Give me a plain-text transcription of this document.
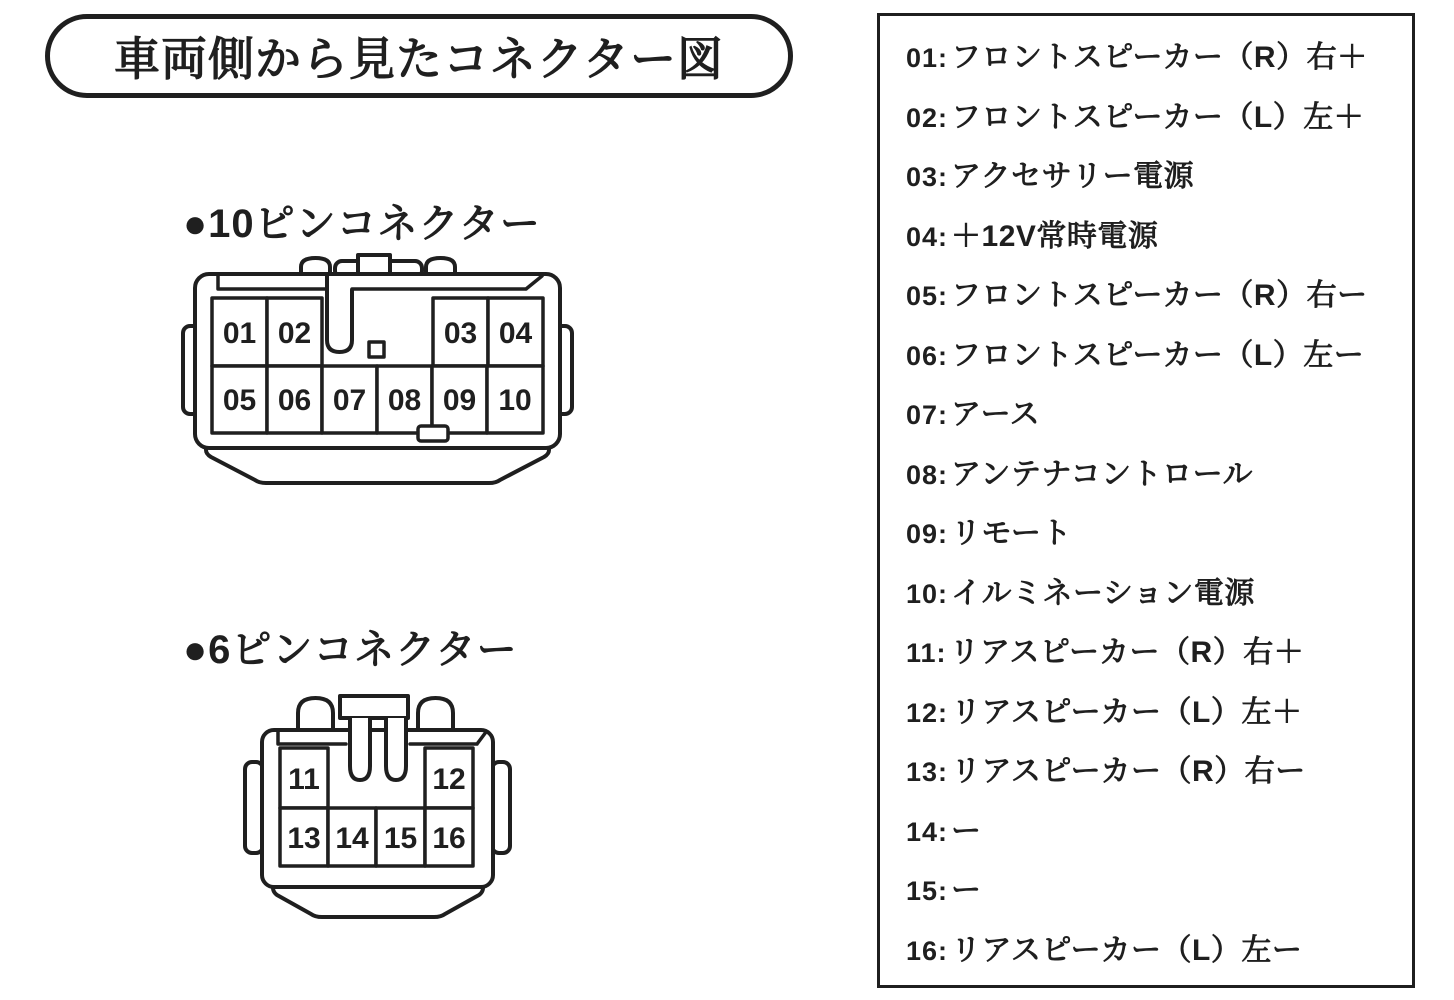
車両側から見たコネクター図
●10ピンコネクター
01 02	03 04
05 06 07 08 09 10
●6ピンコネクター
11	12
13 14 15 16
01: フロントスピーカー（R）右＋
02: フロントスピーカー（L）左＋
03: アクセサリー電源
04: ＋12V常時電源
05: フロントスピーカー（R）右ー
06: フロントスピーカー（L）左ー
07: アース
08: アンテナコントロール
09: リモート
10: イルミネーション電源
11: リアスピーカー（R）右＋
12: リアスピーカー（L）左＋
13: リアスピーカー（R）右ー
14: ー
15: ー
16: リアスピーカー（L）左ー
